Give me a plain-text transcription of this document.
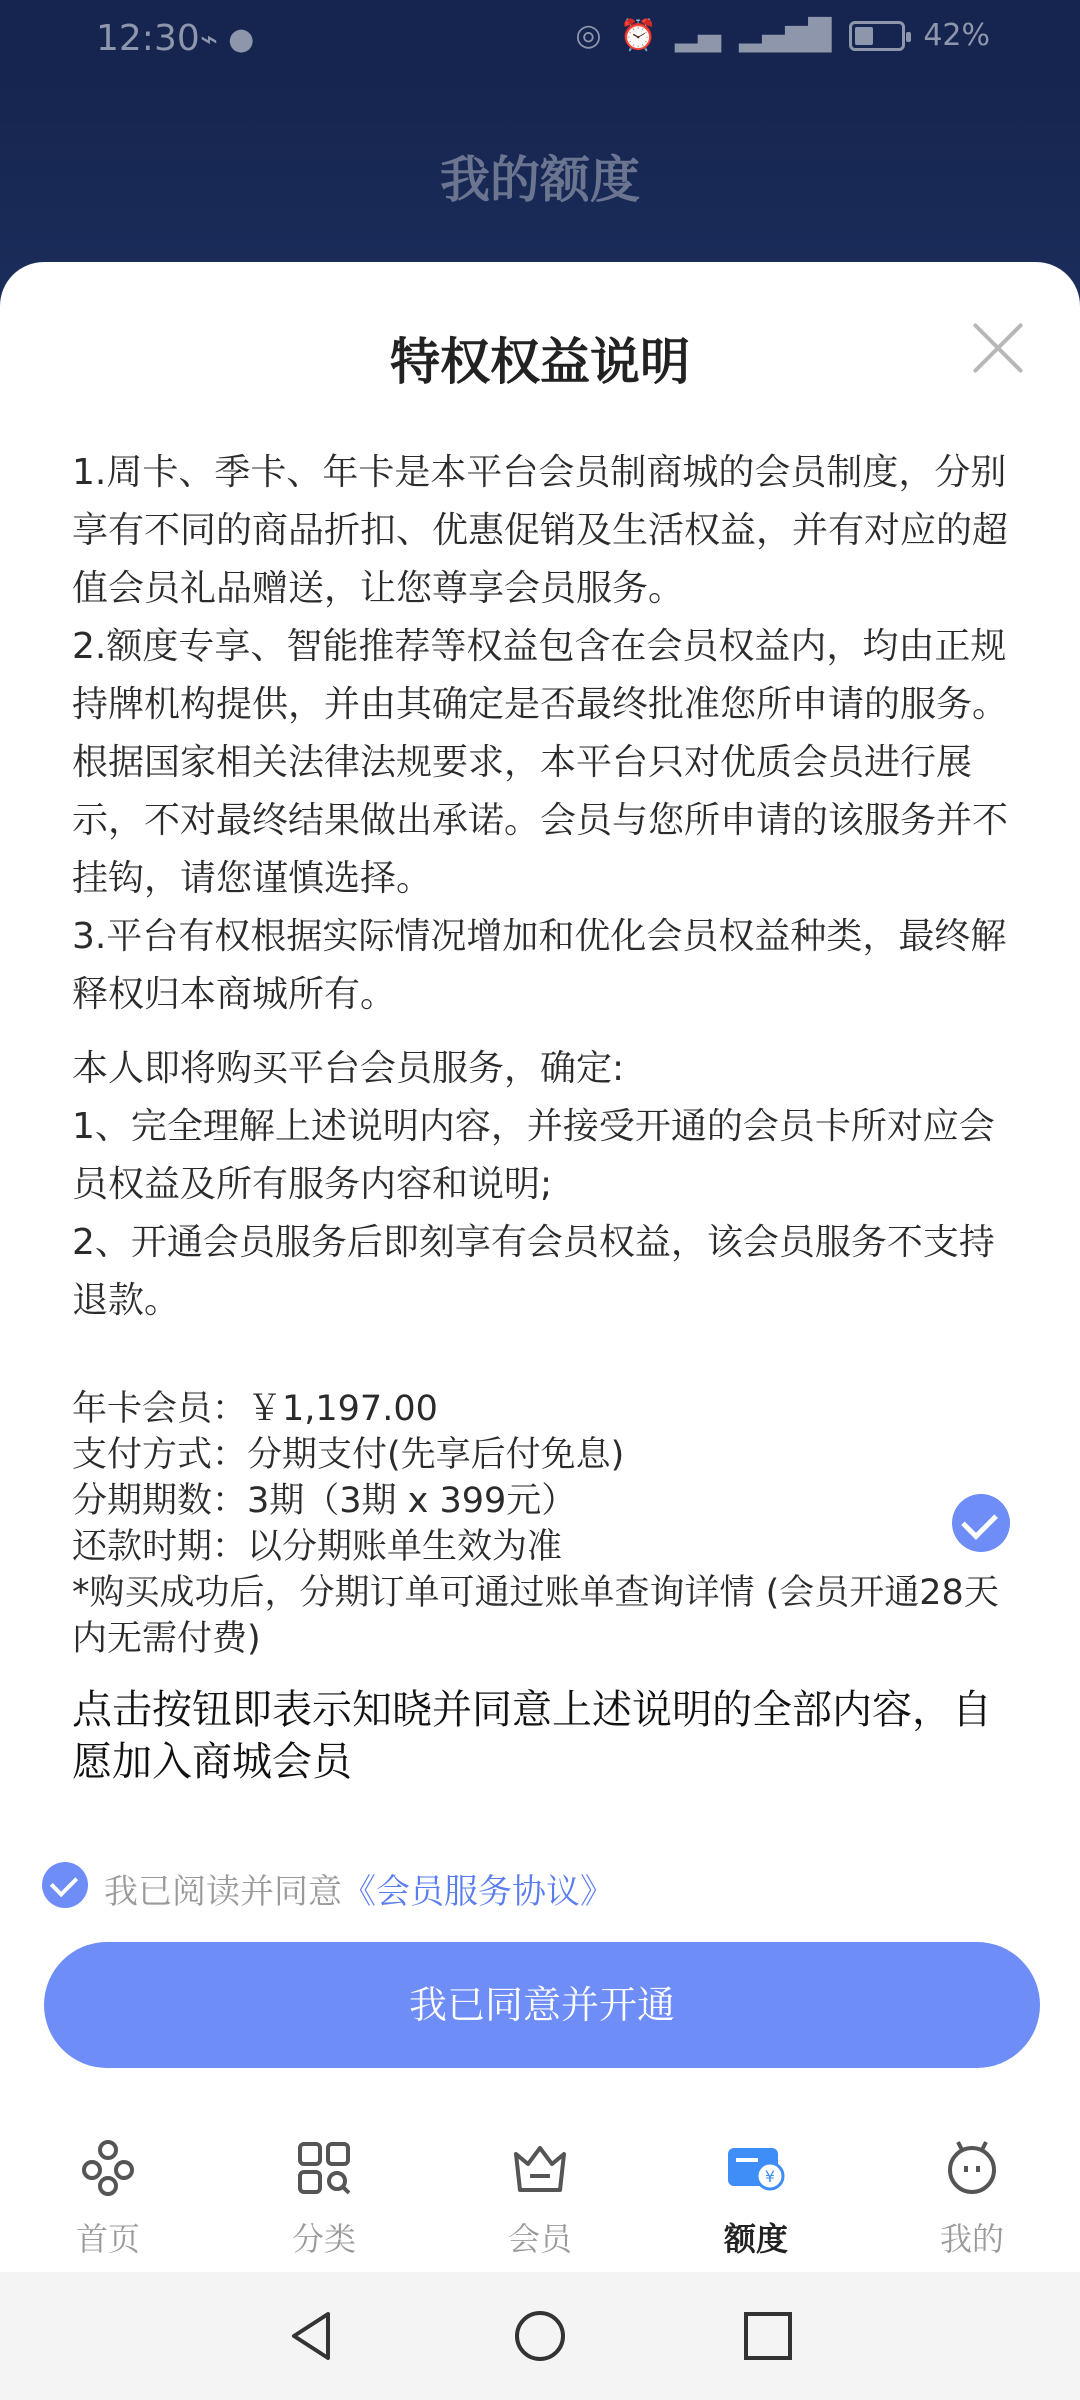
12:30 ⌁ ●	◎ ⏰ ▂▄ ▂▄▆█	42%
我的额度
特权权益说明
1.周卡、季卡、年卡是本平台会员制商城的会员制度，分别享有不同的商品折扣、优惠促销及生活权益，并有对应的超值会员礼品赠送，让您尊享会员服务。
2.额度专享、智能推荐等权益包含在会员权益内，均由正规持牌机构提供，并由其确定是否最终批准您所申请的服务。根据国家相关法律法规要求，本平台只对优质会员进行展示，不对最终结果做出承诺。会员与您所申请的该服务并不挂钩，请您谨慎选择。
3.平台有权根据实际情况增加和优化会员权益种类，最终解释权归本商城所有。
本人即将购买平台会员服务，确定:
1、完全理解上述说明内容，并接受开通的会员卡所对应会员权益及所有服务内容和说明;
2、开通会员服务后即刻享有会员权益，该会员服务不支持退款。
年卡会员：￥1,197.00
支付方式：分期支付(先享后付免息)
分期期数：3期（3期 x 399元）
还款时期：以分期账单生效为准
*购买成功后，分期订单可通过账单查询详情 (会员开通28天内无需付费)
点击按钮即表示知晓并同意上述说明的全部内容，自愿加入商城会员
我已阅读并同意《会员服务协议》
我已同意并开通
首页	分类	会员
¥
额度	我的
